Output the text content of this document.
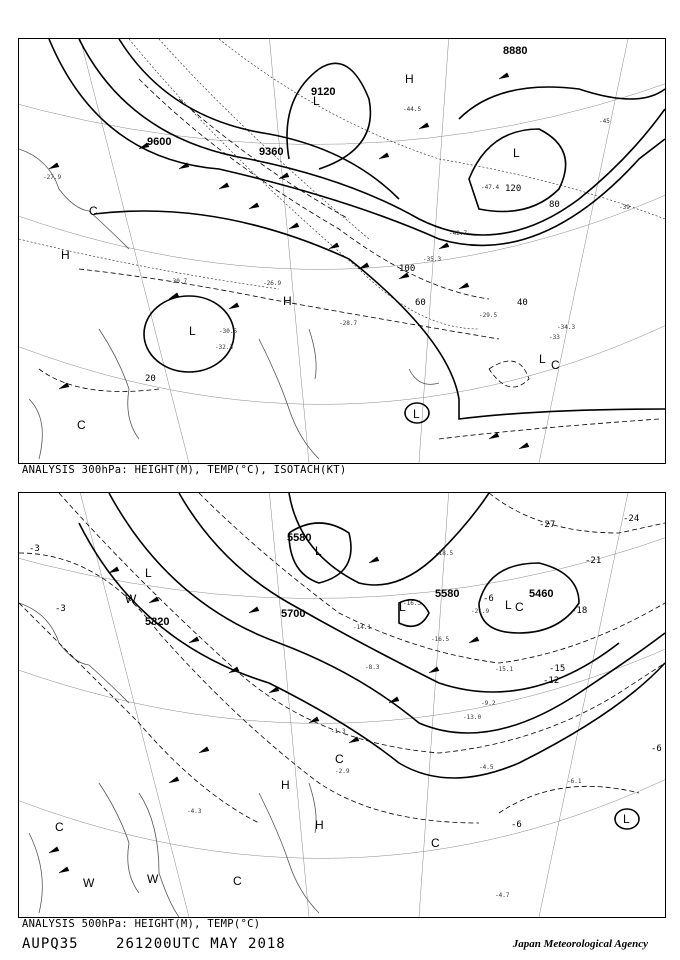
9600
9360
9120
8880
20
40
60
80
100
120
-27.9
-29.5
-30.5
-32.3
-33
-35.3
-28.7
-26.9
-44.5
-42.7
-45
-47.4
-39
-34.3
-30.7
H
H
H
L
L
L
L
L
C
C
C
ANALYSIS 300hPa: HEIGHT(M), TEMP(°C), ISOTACH(KT)
5580
5700
5820
5460
5580
-3
-3
-6
-12
-15
-18
-21
-24
-27
-6
-6
-4.3
-4.5
-6.1
-4.7
-18.5
-15.1
-16.5
-13.0
-8.3
-21.9
-14.1
-9.2
-1.3
-2.9
-16.3
H
H
L
L
L	L
L
W
W	W
C
C
C
C
C
ANALYSIS 500hPa: HEIGHT(M), TEMP(°C)
AUPQ35	261200UTC MAY 2018	Japan Meteorological Agency
